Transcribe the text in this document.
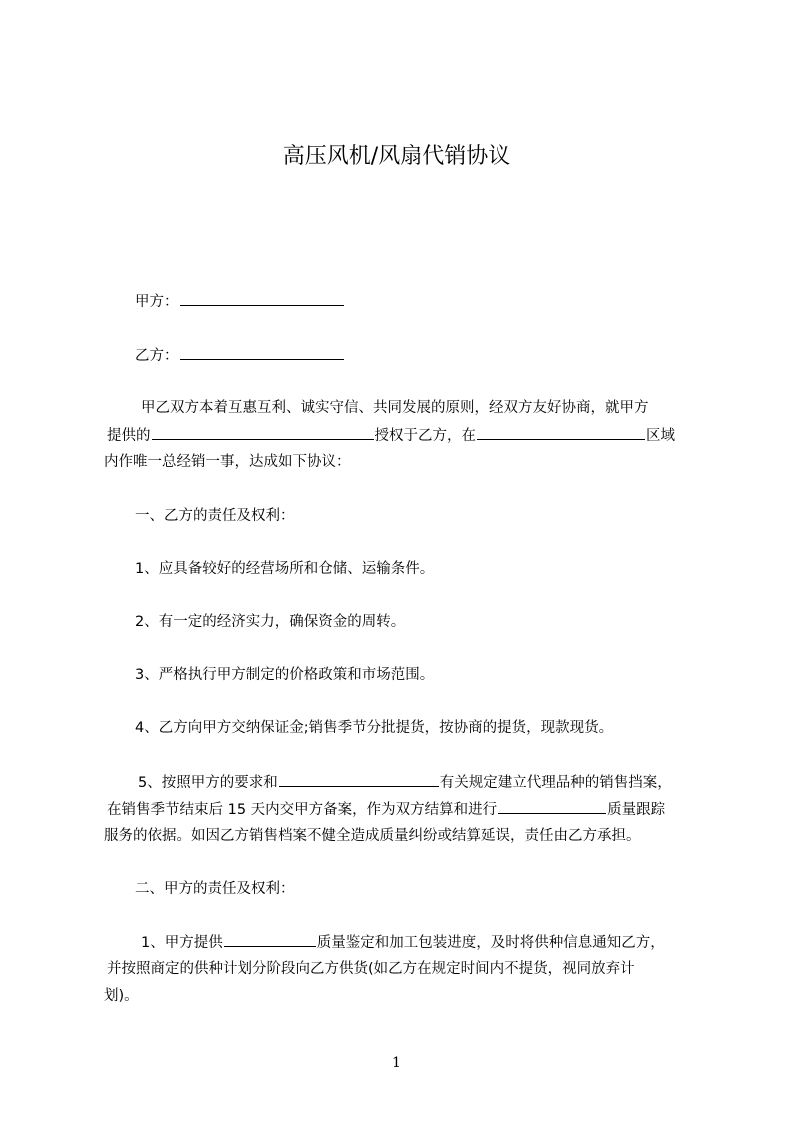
高压风机/风扇代销协议

甲方：

乙方：

甲乙双方本着互惠互利、诚实守信、共同发展的原则，经双方友好协商，就甲方

提供的	授权于乙方，在	区域

内作唯一总经销一事，达成如下协议：

一、乙方的责任及权利：

1、应具备较好的经营场所和仓储、运输条件。

2、有一定的经济实力，确保资金的周转。

3、严格执行甲方制定的价格政策和市场范围。

4、乙方向甲方交纳保证金;销售季节分批提货，按协商的提货，现款现货。

5、按照甲方的要求和	有关规定建立代理品种的销售挡案，

在销售季节结束后 15 天内交甲方备案，作为双方结算和进行	质量跟踪

服务的依据。如因乙方销售档案不健全造成质量纠纷或结算延误，责任由乙方承担。

二、甲方的责任及权利：

1、甲方提供	质量鉴定和加工包装进度，及时将供种信息通知乙方，

并按照商定的供种计划分阶段向乙方供货(如乙方在规定时间内不提货，视同放弃计

划)。

1
